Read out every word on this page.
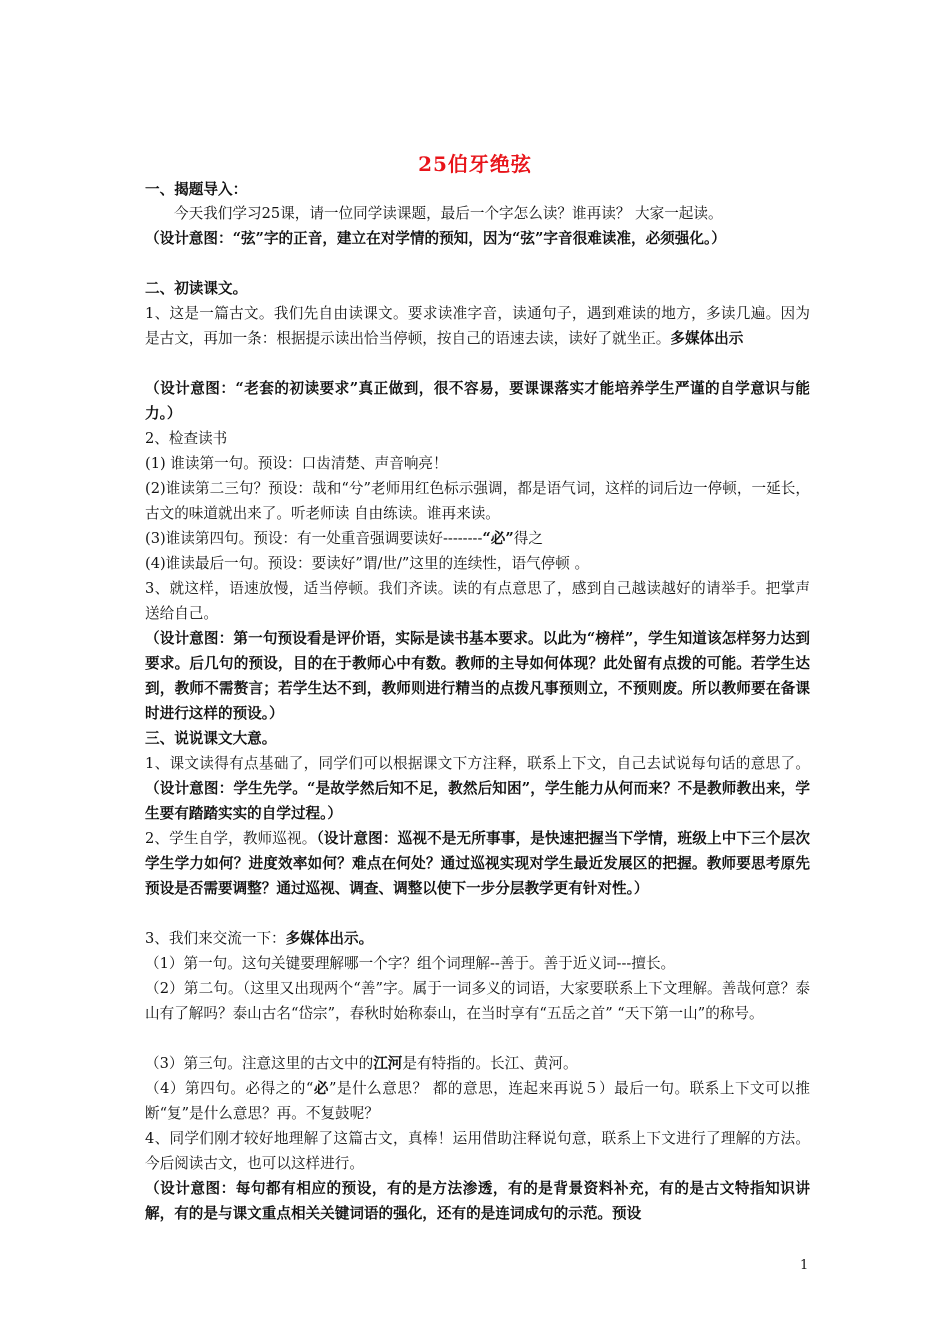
25伯牙绝弦

一、揭题导入：

今天我们学习25课，请一位同学读课题，最后一个字怎么读？谁再读？ 大家一起读。

（设计意图：“弦”字的正音，建立在对学情的预知，因为“弦”字音很难读准，必须强化。）

二、初读课文。

1、这是一篇古文。我们先自由读课文。要求读准字音，读通句子，遇到难读的地方，多读几遍。因为是古文，再加一条：根据提示读出恰当停顿，按自己的语速去读，读好了就坐正。多媒体出示

（设计意图：“老套的初读要求”真正做到，很不容易，要课课落实才能培养学生严谨的自学意识与能力。）

2、检查读书

(1) 谁读第一句。预设：口齿清楚、声音响亮！

(2)谁读第二三句？预设：哉和“兮”老师用红色标示强调，都是语气词，这样的词后边一停顿，一延长，古文的味道就出来了。听老师读 自由练读。谁再来读。

(3)谁读第四句。预设：有一处重音强调要读好--------“必”得之

(4)谁读最后一句。预设：要读好”谓/世/”这里的连续性，语气停顿 。

3、就这样，语速放慢，适当停顿。我们齐读。读的有点意思了，感到自己越读越好的请举手。把掌声送给自己。

（设计意图：第一句预设看是评价语，实际是读书基本要求。以此为“榜样”，学生知道该怎样努力达到要求。后几句的预设，目的在于教师心中有数。教师的主导如何体现？此处留有点拨的可能。若学生达到，教师不需赘言；若学生达不到，教师则进行精当的点拨凡事预则立，不预则废。所以教师要在备课时进行这样的预设。）

三、说说课文大意。

1、课文读得有点基础了，同学们可以根据课文下方注释，联系上下文，自己去试说每句话的意思了。 （设计意图：学生先学。“是故学然后知不足，教然后知困”，学生能力从何而来？不是教师教出来，学生要有踏踏实实的自学过程。）

2、学生自学，教师巡视。（设计意图：巡视不是无所事事，是快速把握当下学情，班级上中下三个层次学生学力如何？进度效率如何？难点在何处？通过巡视实现对学生最近发展区的把握。教师要思考原先预设是否需要调整？通过巡视、调查、调整以使下一步分层教学更有针对性。）

3、我们来交流一下：多媒体出示。

（1）第一句。这句关键要理解哪一个字？组个词理解--善于。善于近义词---擅长。

（2）第二句。（这里又出现两个“善”字。属于一词多义的词语，大家要联系上下文理解。善哉何意？泰山有了解吗？泰山古名“岱宗”，春秋时始称泰山，在当时享有“五岳之首” “天下第一山”的称号。

（3）第三句。注意这里的古文中的江河是有特指的。长江、黄河。

（4）第四句。必得之的“必”是什么意思？ 都的意思，连起来再说５）最后一句。联系上下文可以推断“复”是什么意思？再。不复鼓呢？

4、同学们刚才较好地理解了这篇古文，真棒！运用借助注释说句意，联系上下文进行了理解的方法。今后阅读古文，也可以这样进行。

（设计意图：每句都有相应的预设，有的是方法渗透，有的是背景资料补充，有的是古文特指知识讲解，有的是与课文重点相关关键词语的强化，还有的是连词成句的示范。预设

1
